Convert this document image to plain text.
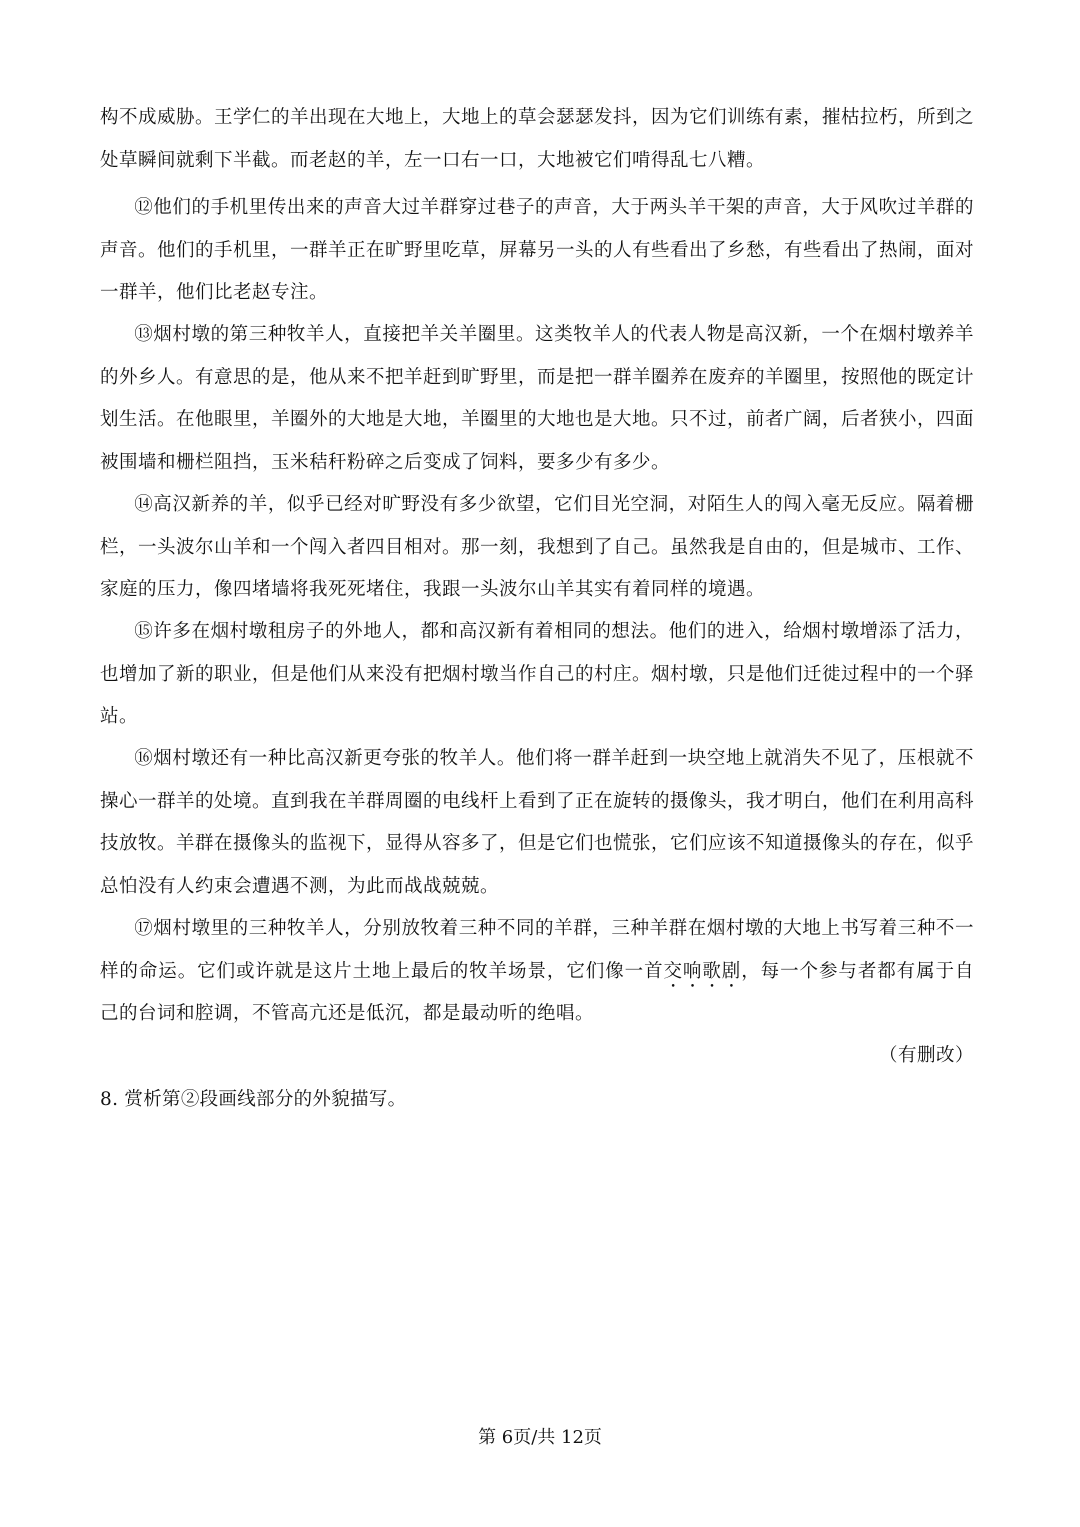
构不成威胁。王学仁的羊出现在大地上，大地上的草会瑟瑟发抖，因为它们训练有素，摧枯拉朽，所到之处草瞬间就剩下半截。而老赵的羊，左一口右一口，大地被它们啃得乱七八糟。

⑫他们的手机里传出来的声音大过羊群穿过巷子的声音，大于两头羊干架的声音，大于风吹过羊群的声音。他们的手机里，一群羊正在旷野里吃草，屏幕另一头的人有些看出了乡愁，有些看出了热闹，面对一群羊，他们比老赵专注。

⑬烟村墩的第三种牧羊人，直接把羊关羊圈里。这类牧羊人的代表人物是高汉新，一个在烟村墩养羊的外乡人。有意思的是，他从来不把羊赶到旷野里，而是把一群羊圈养在废弃的羊圈里，按照他的既定计划生活。在他眼里，羊圈外的大地是大地，羊圈里的大地也是大地。只不过，前者广阔，后者狭小，四面被围墙和栅栏阻挡，玉米秸秆粉碎之后变成了饲料，要多少有多少。

⑭高汉新养的羊，似乎已经对旷野没有多少欲望，它们目光空洞，对陌生人的闯入毫无反应。隔着栅栏，一头波尔山羊和一个闯入者四目相对。那一刻，我想到了自己。虽然我是自由的，但是城市、工作、家庭的压力，像四堵墙将我死死堵住，我跟一头波尔山羊其实有着同样的境遇。

⑮许多在烟村墩租房子的外地人，都和高汉新有着相同的想法。他们的进入，给烟村墩增添了活力，也增加了新的职业，但是他们从来没有把烟村墩当作自己的村庄。烟村墩，只是他们迁徙过程中的一个驿站。

⑯烟村墩还有一种比高汉新更夸张的牧羊人。他们将一群羊赶到一块空地上就消失不见了，压根就不操心一群羊的处境。直到我在羊群周圈的电线杆上看到了正在旋转的摄像头，我才明白，他们在利用高科技放牧。羊群在摄像头的监视下，显得从容多了，但是它们也慌张，它们应该不知道摄像头的存在，似乎总怕没有人约束会遭遇不测，为此而战战兢兢。

⑰烟村墩里的三种牧羊人，分别放牧着三种不同的羊群，三种羊群在烟村墩的大地上书写着三种不一样的命运。它们或许就是这片土地上最后的牧羊场景，它们像一首交响歌剧，每一个参与者都有属于自己的台词和腔调，不管高亢还是低沉，都是最动听的绝唱。

（有删改）
8. 赏析第②段画线部分的外貌描写。
第 6页/共 12页
